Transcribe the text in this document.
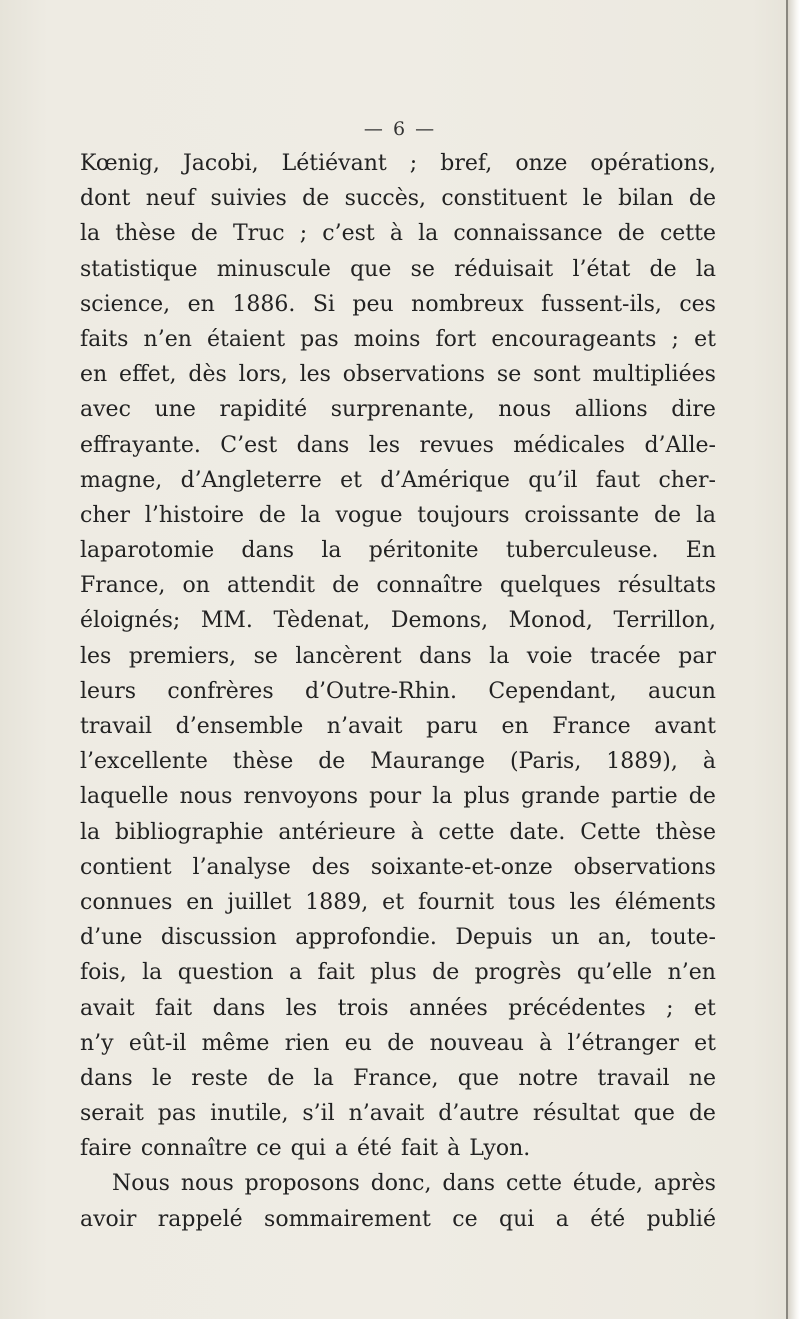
— 6 —
Kœnig, Jacobi, Létiévant ; bref, onze opérations,
dont neuf suivies de succès, constituent le bilan de
la thèse de Truc ; c’est à la connaissance de cette
statistique minuscule que se réduisait l’état de la
science, en 1886. Si peu nombreux fussent-ils, ces
faits n’en étaient pas moins fort encourageants ; et
en effet, dès lors, les observations se sont multipliées
avec une rapidité surprenante, nous allions dire
effrayante. C’est dans les revues médicales d’Alle-
magne, d’Angleterre et d’Amérique qu’il faut cher-
cher l’histoire de la vogue toujours croissante de la
laparotomie dans la péritonite tuberculeuse. En
France, on attendit de connaître quelques résultats
éloignés; MM. Tèdenat, Demons, Monod, Terrillon,
les premiers, se lancèrent dans la voie tracée par
leurs confrères d’Outre-Rhin. Cependant, aucun
travail d’ensemble n’avait paru en France avant
l’excellente thèse de Maurange (Paris, 1889), à
laquelle nous renvoyons pour la plus grande partie de
la bibliographie antérieure à cette date. Cette thèse
contient l’analyse des soixante-et-onze observations
connues en juillet 1889, et fournit tous les éléments
d’une discussion approfondie. Depuis un an, toute-
fois, la question a fait plus de progrès qu’elle n’en
avait fait dans les trois années précédentes ; et
n’y eût-il même rien eu de nouveau à l’étranger et
dans le reste de la France, que notre travail ne
serait pas inutile, s’il n’avait d’autre résultat que de
faire connaître ce qui a été fait à Lyon.
Nous nous proposons donc, dans cette étude, après
avoir rappelé sommairement ce qui a été publié
